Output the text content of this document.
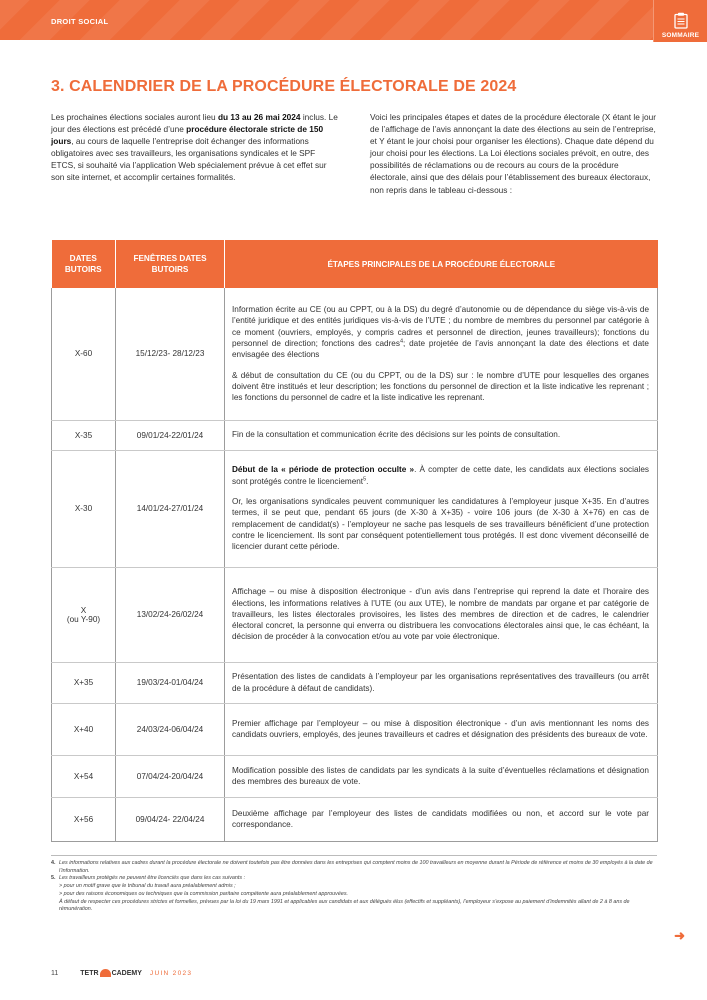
DROIT SOCIAL
SOMMAIRE
3. CALENDRIER DE LA PROCÉDURE ÉLECTORALE DE 2024
Les prochaines élections sociales auront lieu du 13 au 26 mai 2024 inclus. Le jour des élections est précédé d’une procédure électorale stricte de 150 jours, au cours de laquelle l’entreprise doit échanger des informations obligatoires avec ses travailleurs, les organisations syndicales et le SPF ETCS, si souhaité via l’application Web spécialement prévue à cet effet sur son site internet, et accomplir certaines formalités.
Voici les principales étapes et dates de la procédure électorale (X étant le jour de l’affichage de l’avis annonçant la date des élections au sein de l’entreprise, et Y étant le jour choisi pour organiser les élections). Chaque date dépend du jour choisi pour les élections. La Loi élections sociales prévoit, en outre, des possibilités de réclamations ou de recours au cours de la procédure électorale, ainsi que des délais pour l’établissement des bureaux électoraux, non repris dans le tableau ci-dessous :
DATES BUTOIRS	FENÊTRES DATES BUTOIRS	ÉTAPES PRINCIPALES DE LA PROCÉDURE ÉLECTORALE
X-60	15/12/23- 28/12/23	Information écrite au CE (ou au CPPT, ou à la DS) du degré d’autonomie ou de dépendance du siège vis-à-vis de l’entité juridique et des entités juridiques vis-à-vis de l’UTE ; du nombre de membres du personnel par catégorie à ce moment (ouvriers, employés, y compris cadres et personnel de direction, jeunes travailleurs); fonctions du personnel de direction; fonctions des cadres$^4$; date projetée de l’avis annonçant la date des élections et date envisagée des élections

& début de consultation du CE (ou du CPPT, ou de la DS) sur : le nombre d’UTE pour lesquelles des organes doivent être institués et leur description; les fonctions du personnel de direction et la liste indicative les reprenant ; les fonctions du personnel de cadre et la liste indicative les reprenant.

X-35	09/01/24-22/01/24	Fin de la consultation et communication écrite des décisions sur les points de consultation.

X-30	14/01/24-27/01/24	Début de la « période de protection occulte ». À compter de cette date, les candidats aux élections sociales sont protégés contre le licenciement$^5$.

Or, les organisations syndicales peuvent communiquer les candidatures à l’employeur jusque X+35. En d’autres termes, il se peut que, pendant 65 jours (de X-30 à X+35) - voire 106 jours (de X-30 à X+76) en cas de remplacement de candidat(s) - l’employeur ne sache pas lesquels de ses travailleurs bénéficient d’une protection contre le licenciement. Ils sont par conséquent potentiellement tous protégés. Il est donc vivement déconseillé de licencier durant cette période.

X
(ou Y-90)	13/02/24-26/02/24	Affichage – ou mise à disposition électronique - d’un avis dans l’entreprise qui reprend la date et l’horaire des élections, les informations relatives à l’UTE (ou aux UTE), le nombre de mandats par organe et par catégorie de travailleurs, les listes électorales provisoires, les listes des membres de direction et de cadres, le calendrier électoral concret, la personne qui enverra ou distribuera les convocations électorales ainsi que, le cas échéant, la décision de procéder à la convocation et/ou au vote par voie électronique.

X+35	19/03/24-01/04/24	Présentation des listes de candidats à l’employeur par les organisations représentatives des travailleurs (ou arrêt de la procédure à défaut de candidats).

X+40	24/03/24-06/04/24	Premier affichage par l’employeur – ou mise à disposition électronique - d’un avis mentionnant les noms des candidats ouvriers, employés, des jeunes travailleurs et cadres et désignation des présidents des bureaux de vote.

X+54	07/04/24-20/04/24	Modification possible des listes de candidats par les syndicats à la suite d’éventuelles réclamations et désignation des membres des bureaux de vote.

X+56	09/04/24- 22/04/24	Deuxième affichage par l’employeur des listes de candidats modifiées ou non, et accord sur le vote par correspondance.

4. Les informations relatives aux cadres durant la procédure électorale ne doivent toutefois pas être données dans les entreprises qui comptent moins de 100 travailleurs en moyenne durant la Période de référence et moins de 30 employés à la date de l’information.
5. Les travailleurs protégés ne peuvent être licenciés que dans les cas suivants :
> pour un motif grave que le tribunal du travail aura préalablement admis ;
> pour des raisons économiques ou techniques que la commission paritaire compétente aura préalablement approuvées.
À défaut de respecter ces procédures strictes et formelles, prévues par la loi du 19 mars 1991 et applicables aux candidats et aux délégués élus (effectifs et suppléants), l’employeur s’expose au paiement d’indemnités allant de 2 à 8 ans de rémunération.
➜
11	TETR CADEMY JUIN 2023
